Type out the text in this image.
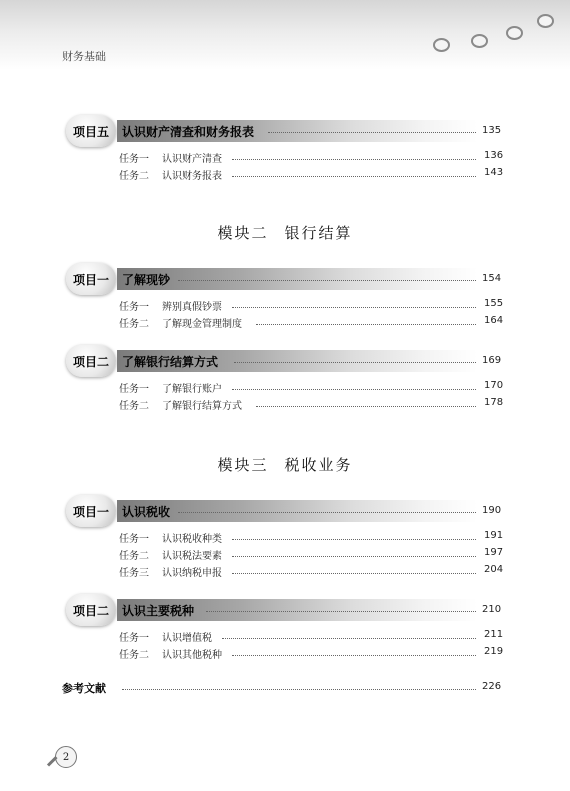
财务基础
项目五	认识财产清查和财务报表	135
任务一 认识财产清查	136
任务二 认识财务报表	143
模块二 银行结算
项目一	了解现钞	154
任务一 辨别真假钞票	155
任务二 了解现金管理制度	164
项目二	了解银行结算方式	169
任务一 了解银行账户	170
任务二 了解银行结算方式	178
模块三 税收业务
项目一	认识税收	190
任务一 认识税收种类	191
任务二 认识税法要素	197
任务三 认识纳税申报	204
项目二	认识主要税种	210
任务一 认识增值税	211
任务二 认识其他税种	219
参考文献	226
2
